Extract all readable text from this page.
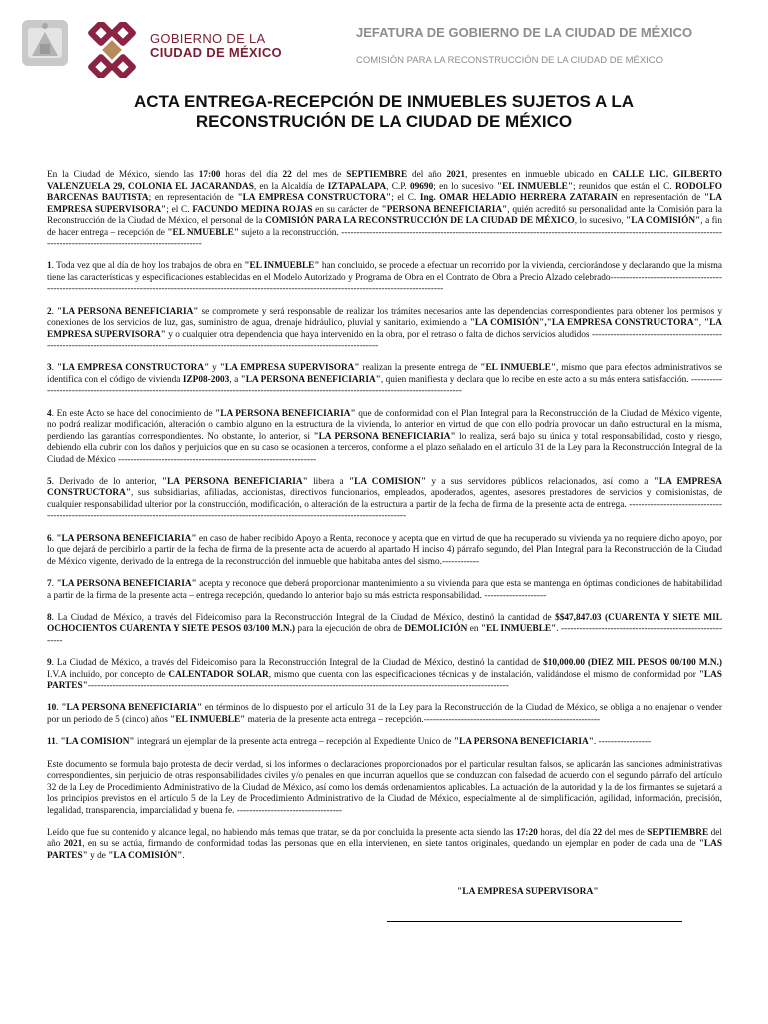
GOBIERNO DE LA
CIUDAD DE MÉXICO
JEFATURA DE GOBIERNO DE LA CIUDAD DE MÉXICO
COMISIÓN PARA LA RECONSTRUCCIÓN DE LA CIUDAD DE MÉXICO
ACTA ENTREGA-RECEPCIÓN DE INMUEBLES SUJETOS A LA
RECONSTRUCIÓN DE LA CIUDAD DE MÉXICO

En la Ciudad de México, siendo las 17:00 horas del día 22 del mes de SEPTIEMBRE del año 2021, presentes en inmueble ubicado en CALLE LIC. GILBERTO VALENZUELA 29, COLONIA EL JACARANDAS, en la Alcaldía de IZTAPALAPA, C.P. 09690; en lo sucesivo "EL INMUEBLE"; reunidos que están el C. RODOLFO BARCENAS BAUTISTA; en representación de "LA EMPRESA CONSTRUCTORA"; el C. Ing. OMAR HELADIO HERRERA ZATARAIN en representación de "LA EMPRESA SUPERVISORA"; el C. FACUNDO MEDINA ROJAS en su carácter de "PERSONA BENEFICIARIA", quién acreditó su personalidad ante la Comisión para la Reconstrucción de la Ciudad de México, el personal de la COMISIÓN PARA LA RECONSTRUCCIÓN DE LA CIUDAD DE MÉXICO, lo sucesivo, "LA COMISIÓN", a fin de hacer entrega – recepción de "EL NMUEBLE" sujeto a la reconstrucción. -----------------------------------------------------------------------------------------------------------------------------------------------------------------------------

1. Toda vez que al día de hoy los trabajos de obra en "EL INMUEBLE" han concluido, se procede a efectuar un recorrido por la vivienda, cerciorándose y declarando que la misma tiene las características y especificaciones establecidas en el Modelo Autorizado y Programa de Obra en el Contrato de Obra a Precio Alzado celebrado--------------------------------------------------------------------------------------------------------------------------------------------------------------------

2. "LA PERSONA BENEFICIARIA" se compromete y será responsable de realizar los trámites necesarios ante las dependencias correspondientes para obtener los permisos y conexiones de los servicios de luz, gas, suministro de agua, drenaje hidráulico, pluvial y sanitario, eximiendo a "LA COMISIÓN","LA EMPRESA CONSTRUCTORA", "LA EMPRESA SUPERVISORA" y o cualquier otra dependencia que haya intervenido en la obra, por el retraso o falta de dichos servicios aludidos -----------------------------------------------------------------------------------------------------------------------------------------------------

3. "LA EMPRESA CONSTRUCTORA" y "LA EMPRESA SUPERVISORA" realizan la presente entrega de "EL INMUEBLE", mismo que para efectos administrativos se identifica con el código de vivienda IZP08-2003, a "LA PERSONA BENEFICIARIA", quien manifiesta y declara que lo recibe en este acto a su más entera satisfacción. ------------------------------------------------------------------------------------------------------------------------------------------------

4. En este Acto se hace del conocimiento de "LA PERSONA BENEFICIARIA" que de conformidad con el Plan Integral para la Reconstrucción de la Ciudad de México vigente, no podrá realizar modificación, alteración o cambio alguno en la estructura de la vivienda, lo anterior en virtud de que con ello podría provocar un daño estructural en la misma, perdiendo las garantías correspondientes. No obstante, lo anterior, si "LA PERSONA BENEFICIARIA" lo realiza, será bajo su única y total responsabilidad, costo y riesgo, debiendo ella cubrir con los daños y perjuicios que en su caso se ocasionen a terceros, conforme a el plazo señalado en el artículo 31 de la Ley para la Reconstrucción Integral de la Ciudad de México ----------------------------------------------------------------

5. Derivado de lo anterior, "LA PERSONA BENEFICIARIA" libera a "LA COMISIÓN" y a sus servidores públicos relacionados, así como a "LA EMPRESA CONSTRUCTORA", sus subsidiarias, afiliadas, accionistas, directivos funcionarios, empleados, apoderados, agentes, asesores prestadores de servicios y comisionistas, de cualquier responsabilidad ulterior por la construcción, modificación, o alteración de la estructura a partir de la fecha de firma de la presente acta de entrega. --------------------------------------------------------------------------------------------------------------------------------------------------

6. "LA PERSONA BENEFICIARIA" en caso de haber recibido Apoyo a Renta, reconoce y acepta que en virtud de que ha recuperado su vivienda ya no requiere dicho apoyo, por lo que dejará de percibirlo a partir de la fecha de firma de la presente acta de acuerdo al apartado H inciso 4) párrafo segundo, del Plan Integral para la Reconstrucción de la Ciudad de México vigente, derivado de la entrega de la reconstrucción del inmueble que habitaba antes del sismo.------------

7. "LA PERSONA BENEFICIARIA" acepta y reconoce que deberá proporcionar mantenimiento a su vivienda para que esta se mantenga en óptimas condiciones de habitabilidad a partir de la firma de la presente acta – entrega recepción, quedando lo anterior bajo su más estricta responsabilidad. --------------------

8. La Ciudad de México, a través del Fideicomiso para la Reconstrucción Integral de la Ciudad de México, destinó la cantidad de $$47,847.03 (CUARENTA Y SIETE MIL OCHOCIENTOS CUARENTA Y SIETE PESOS 03/100 M.N.) para la ejecución de obra de DEMOLICIÓN en "EL INMUEBLE". ---------------------------------------------------------

9. La Ciudad de México, a través del Fideicomiso para la Reconstrucción Integral de la Ciudad de México, destinó la cantidad de $10,000.00 (DIEZ MIL PESOS 00/100 M.N.) I.V.A incluido, por concepto de CALENTADOR SOLAR, mismo que cuenta con las especificaciones técnicas y de instalación, validándose el mismo de conformidad por "LAS PARTES"----------------------------------------------------------------------------------------------------------------------------------------

10. "LA PERSONA BENEFICIARIA" en términos de lo dispuesto por el artículo 31 de la Ley para la Reconstrucción de la Ciudad de México, se obliga a no enajenar o vender por un periodo de 5 (cinco) años "EL INMUEBLE" materia de la presente acta entrega – recepción.---------------------------------------------------------

11. "LA COMISIÓN" integrará un ejemplar de la presente acta entrega – recepción al Expediente Único de "LA PERSONA BENEFICIARIA". -----------------

Este documento se formula bajo protesta de decir verdad, si los informes o declaraciones proporcionados por el particular resultan falsos, se aplicarán las sanciones administrativas correspondientes, sin perjuicio de otras responsabilidades civiles y/o penales en que incurran aquellos que se conduzcan con falsedad de acuerdo con el segundo párrafo del artículo 32 de la Ley de Procedimiento Administrativo de la Ciudad de México, así como los demás ordenamientos aplicables. La actuación de la autoridad y la de los firmantes se sujetará a los principios previstos en el artículo 5 de la Ley de Procedimiento Administrativo de la Ciudad de México, especialmente al de simplificación, agilidad, información, precisión, legalidad, transparencia, imparcialidad y buena fe. ----------------------------------

Leído que fue su contenido y alcance legal, no habiendo más temas que tratar, se da por concluida la presente acta siendo las 17:20 horas, del día 22 del mes de SEPTIEMBRE del año 2021, en su se actúa, firmando de conformidad todas las personas que en ella intervienen, en siete tantos originales, quedando un ejemplar en poder de cada una de "LAS PARTES" y de "LA COMISIÓN".

"LA EMPRESA SUPERVISORA"
